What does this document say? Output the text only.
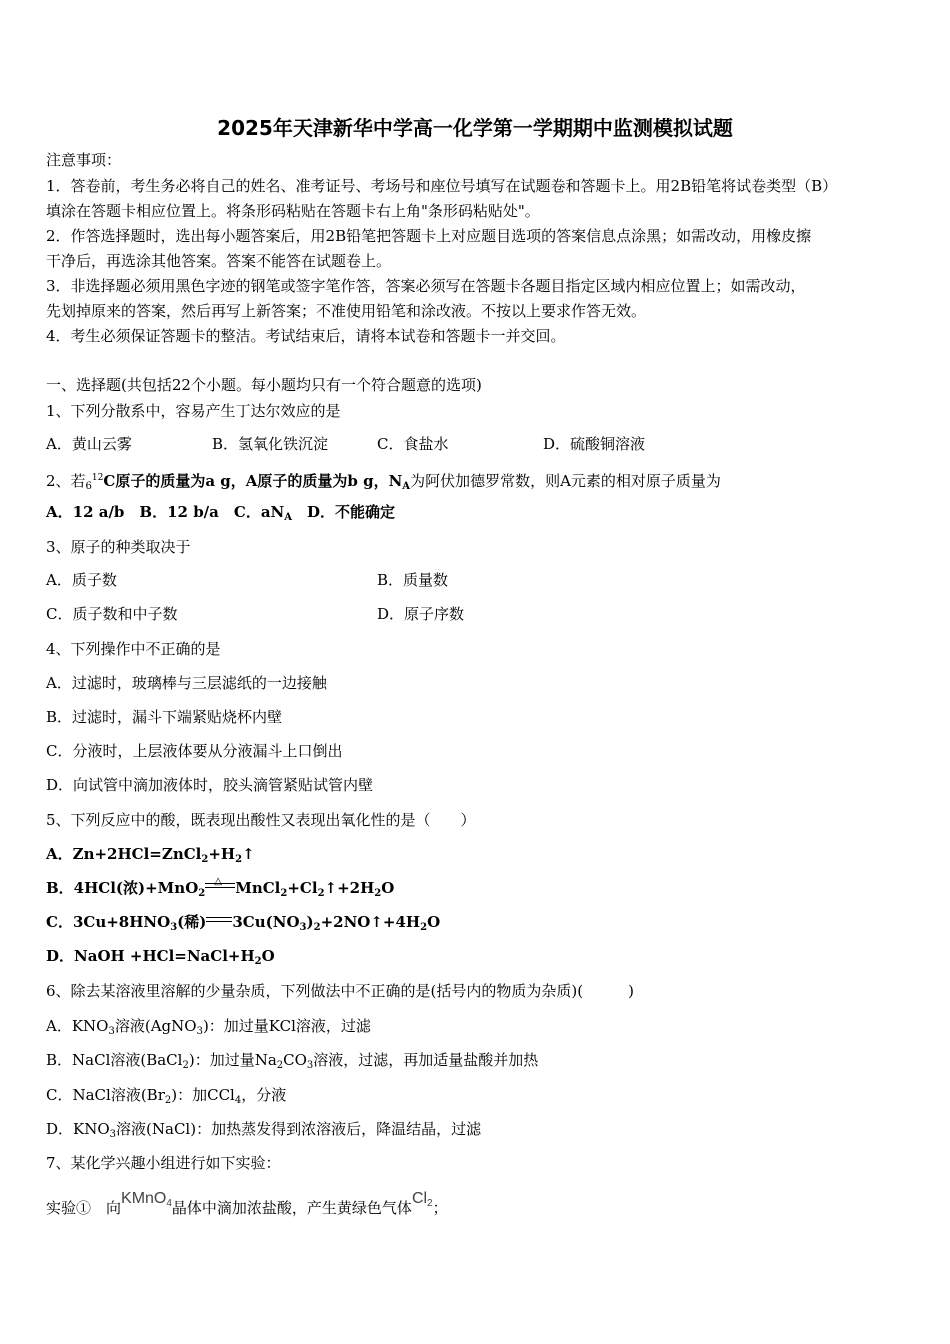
2025年天津新华中学高一化学第一学期期中监测模拟试题
注意事项：
1．答卷前，考生务必将自己的姓名、准考证号、考场号和座位号填写在试题卷和答题卡上。用2B铅笔将试卷类型（B）
填涂在答题卡相应位置上。将条形码粘贴在答题卡右上角"条形码粘贴处"。
2．作答选择题时，选出每小题答案后，用2B铅笔把答题卡上对应题目选项的答案信息点涂黑；如需改动，用橡皮擦
干净后，再选涂其他答案。答案不能答在试题卷上。
3．非选择题必须用黑色字迹的钢笔或签字笔作答，答案必须写在答题卡各题目指定区域内相应位置上；如需改动，
先划掉原来的答案，然后再写上新答案；不准使用铅笔和涂改液。不按以上要求作答无效。
4．考生必须保证答题卡的整洁。考试结束后，请将本试卷和答题卡一并交回。
一、选择题(共包括22个小题。每小题均只有一个符合题意的选项)
1、下列分散系中，容易产生丁达尔效应的是
A．黄山云雾	B．氢氧化铁沉淀	C．食盐水	D．硫酸铜溶液
2、若$_6^{12}$C原子的质量为a g，A原子的质量为b g，$N_A$为阿伏加德罗常数，则A元素的相对原子质量为
A．12 a/b　B．12 b/a　C．$aN_A$　D．不能确定
3、原子的种类取决于
A．质子数	B．质量数
C．质子数和中子数	D．原子序数
4、下列操作中不正确的是
A．过滤时，玻璃棒与三层滤纸的一边接触
B．过滤时，漏斗下端紧贴烧杯内壁
C．分液时，上层液体要从分液漏斗上口倒出
D．向试管中滴加液体时，胶头滴管紧贴试管内壁
5、下列反应中的酸，既表现出酸性又表现出氧化性的是（　　）
A．$Zn+2HCl=ZnCl_2+H_2↑$
B．4HCl(浓)+MnO$_2$
△ $MnCl_2+Cl_2↑+2H_2O$
C．$3Cu+8HNO_3$(稀) $3Cu(NO_3)_2+2NO↑+4H_2O$
D．NaOH $+HCl=NaCl+H_2O$
6、除去某溶液里溶解的少量杂质，下列做法中不正确的是(括号内的物质为杂质)(　　　)
A．$KNO_3$溶液(AgNO$_3$)：加过量KCl溶液，过滤
B．NaCl溶液(BaCl$_2$)：加过量$Na_2CO_3$溶液，过滤，再加适量盐酸并加热
C．NaCl溶液$(Br_2)$：加CCl$_4$，分液
D．$KNO_3$溶液(NaCl)：加热蒸发得到浓溶液后，降温结晶，过滤
7、某化学兴趣小组进行如下实验：
实验①　向KMnO$_4$晶体中滴加浓盐酸，产生黄绿色气体$Cl_2$；
